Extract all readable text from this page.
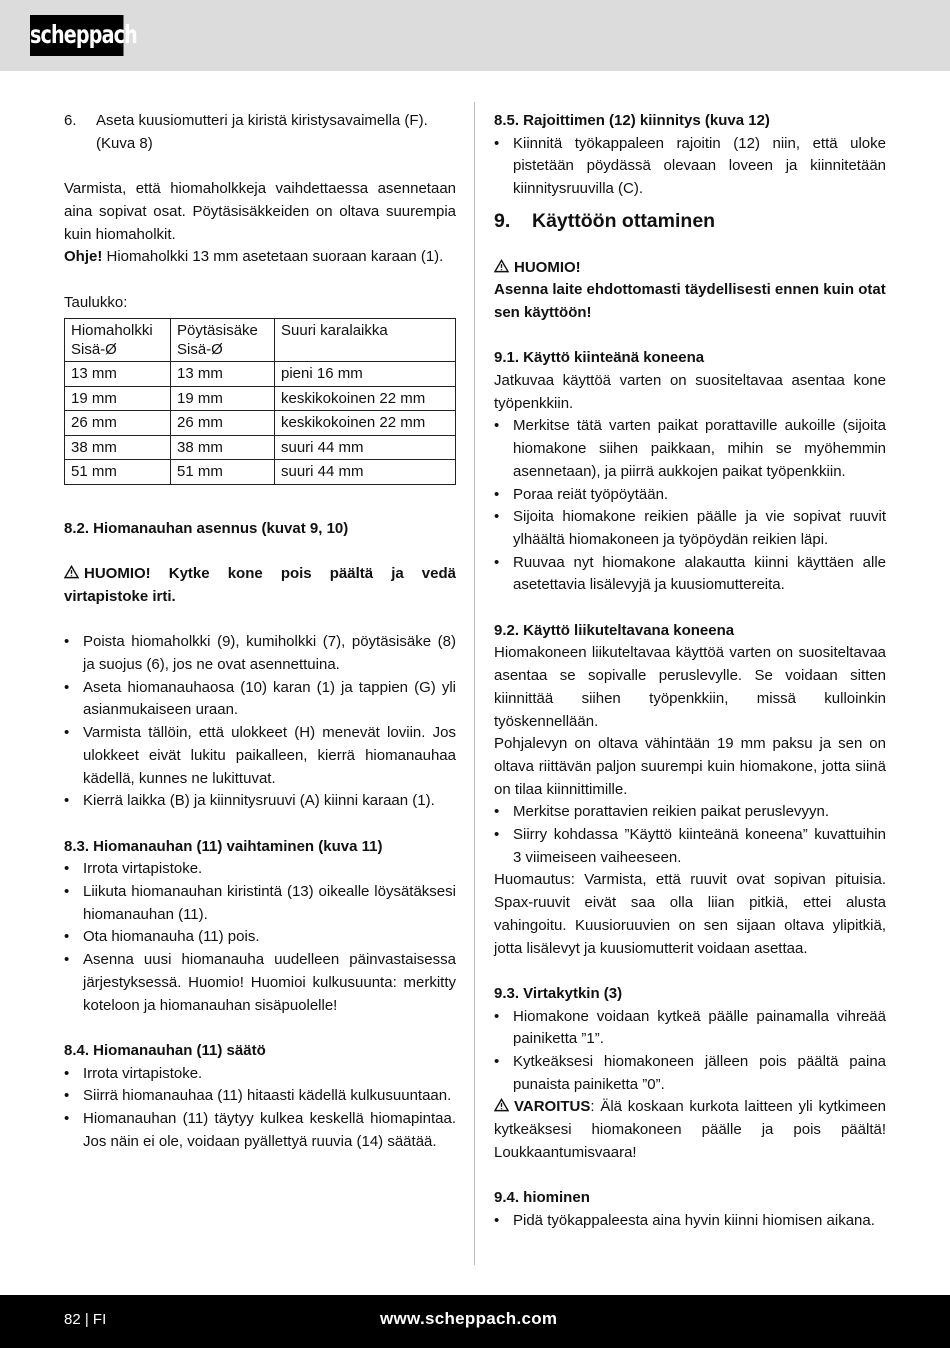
scheppach
6.	Aseta kuusiomutteri ja kiristä kiristysavaimella (F). (Kuva 8)

Varmista, että hiomaholkkeja vaihdettaessa asennetaan aina sopivat osat. Pöytäsisäkkeiden on oltava suurempia kuin hiomaholkit.

Ohje! Hiomaholkki 13 mm asetetaan suoraan karaan (1).

Taulukko:

Hiomaholkki Sisä-Ø	Pöytäsisäke Sisä-Ø	Suuri karalaikka
13 mm	13 mm	pieni 16 mm
19 mm	19 mm	keskikokoinen 22 mm
26 mm	26 mm	keskikokoinen 22 mm
38 mm	38 mm	suuri 44 mm
51 mm	51 mm	suuri 44 mm

8.2. Hiomanauhan asennus (kuvat 9, 10)

HUOMIO! Kytke kone pois päältä ja vedä virtapistoke irti.

• Poista hiomaholkki (9), kumiholkki (7), pöytäsisäke (8) ja suojus (6), jos ne ovat asennettuina.
• Aseta hiomanauhaosa (10) karan (1) ja tappien (G) yli asianmukaiseen uraan.
• Varmista tällöin, että ulokkeet (H) menevät loviin. Jos ulokkeet eivät lukitu paikalleen, kierrä hiomanauhaa kädellä, kunnes ne lukittuvat.
• Kierrä laikka (B) ja kiinnitysruuvi (A) kiinni karaan (1).

8.3. Hiomanauhan (11) vaihtaminen (kuva 11)

• Irrota virtapistoke.
• Liikuta hiomanauhan kiristintä (13) oikealle löysätäksesi hiomanauhan (11).
• Ota hiomanauha (11) pois.
• Asenna uusi hiomanauha uudelleen päinvastaisessa järjestyksessä. Huomio! Huomioi kulkusuunta: merkitty koteloon ja hiomanauhan sisäpuolelle!

8.4. Hiomanauhan (11) säätö

• Irrota virtapistoke.
• Siirrä hiomanauhaa (11) hitaasti kädellä kulkusuuntaan.
• Hiomanauhan (11) täytyy kulkea keskellä hiomapintaa. Jos näin ei ole, voidaan pyällettyä ruuvia (14) säätää.

8.5. Rajoittimen (12) kiinnitys (kuva 12)

• Kiinnitä työkappaleen rajoitin (12) niin, että uloke pistetään pöydässä olevaan loveen ja kiinnitetään kiinnitysruuvilla (C).

9. Käyttöön ottaminen

HUOMIO!

Asenna laite ehdottomasti täydellisesti ennen kuin otat sen käyttöön!

9.1. Käyttö kiinteänä koneena

Jatkuvaa käyttöä varten on suositeltavaa asentaa kone työpenkkiin.

• Merkitse tätä varten paikat porattaville aukoille (sijoita hiomakone siihen paikkaan, mihin se myöhemmin asennetaan), ja piirrä aukkojen paikat työpenkkiin.
• Poraa reiät työpöytään.
• Sijoita hiomakone reikien päälle ja vie sopivat ruuvit ylhäältä hiomakoneen ja työpöydän reikien läpi.
• Ruuvaa nyt hiomakone alakautta kiinni käyttäen alle asetettavia lisälevyjä ja kuusiomuttereita.

9.2. Käyttö liikuteltavana koneena

Hiomakoneen liikuteltavaa käyttöä varten on suositeltavaa asentaa se sopivalle peruslevylle. Se voidaan sitten kiinnittää siihen työpenkkiin, missä kulloinkin työskennellään.

Pohjalevyn on oltava vähintään 19 mm paksu ja sen on oltava riittävän paljon suurempi kuin hiomakone, jotta siinä on tilaa kiinnittimille.

• Merkitse porattavien reikien paikat peruslevyyn.
• Siirry kohdassa ”Käyttö kiinteänä koneena” kuvattuihin 3 viimeiseen vaiheeseen.

Huomautus: Varmista, että ruuvit ovat sopivan pituisia. Spax-ruuvit eivät saa olla liian pitkiä, ettei alusta vahingoitu. Kuusioruuvien on sen sijaan oltava ylipitkiä, jotta lisälevyt ja kuusiomutterit voidaan asettaa.

9.3. Virtakytkin (3)

• Hiomakone voidaan kytkeä päälle painamalla vihreää painiketta ”1”.
• Kytkeäksesi hiomakoneen jälleen pois päältä paina punaista painiketta ”0”.

VAROITUS: Älä koskaan kurkota laitteen yli kytkimeen kytkeäksesi hiomakoneen päälle ja pois päältä! Loukkaantumisvaara!

9.4. hiominen

• Pidä työkappaleesta aina hyvin kiinni hiomisen aikana.
82 | FI	www.scheppach.com
